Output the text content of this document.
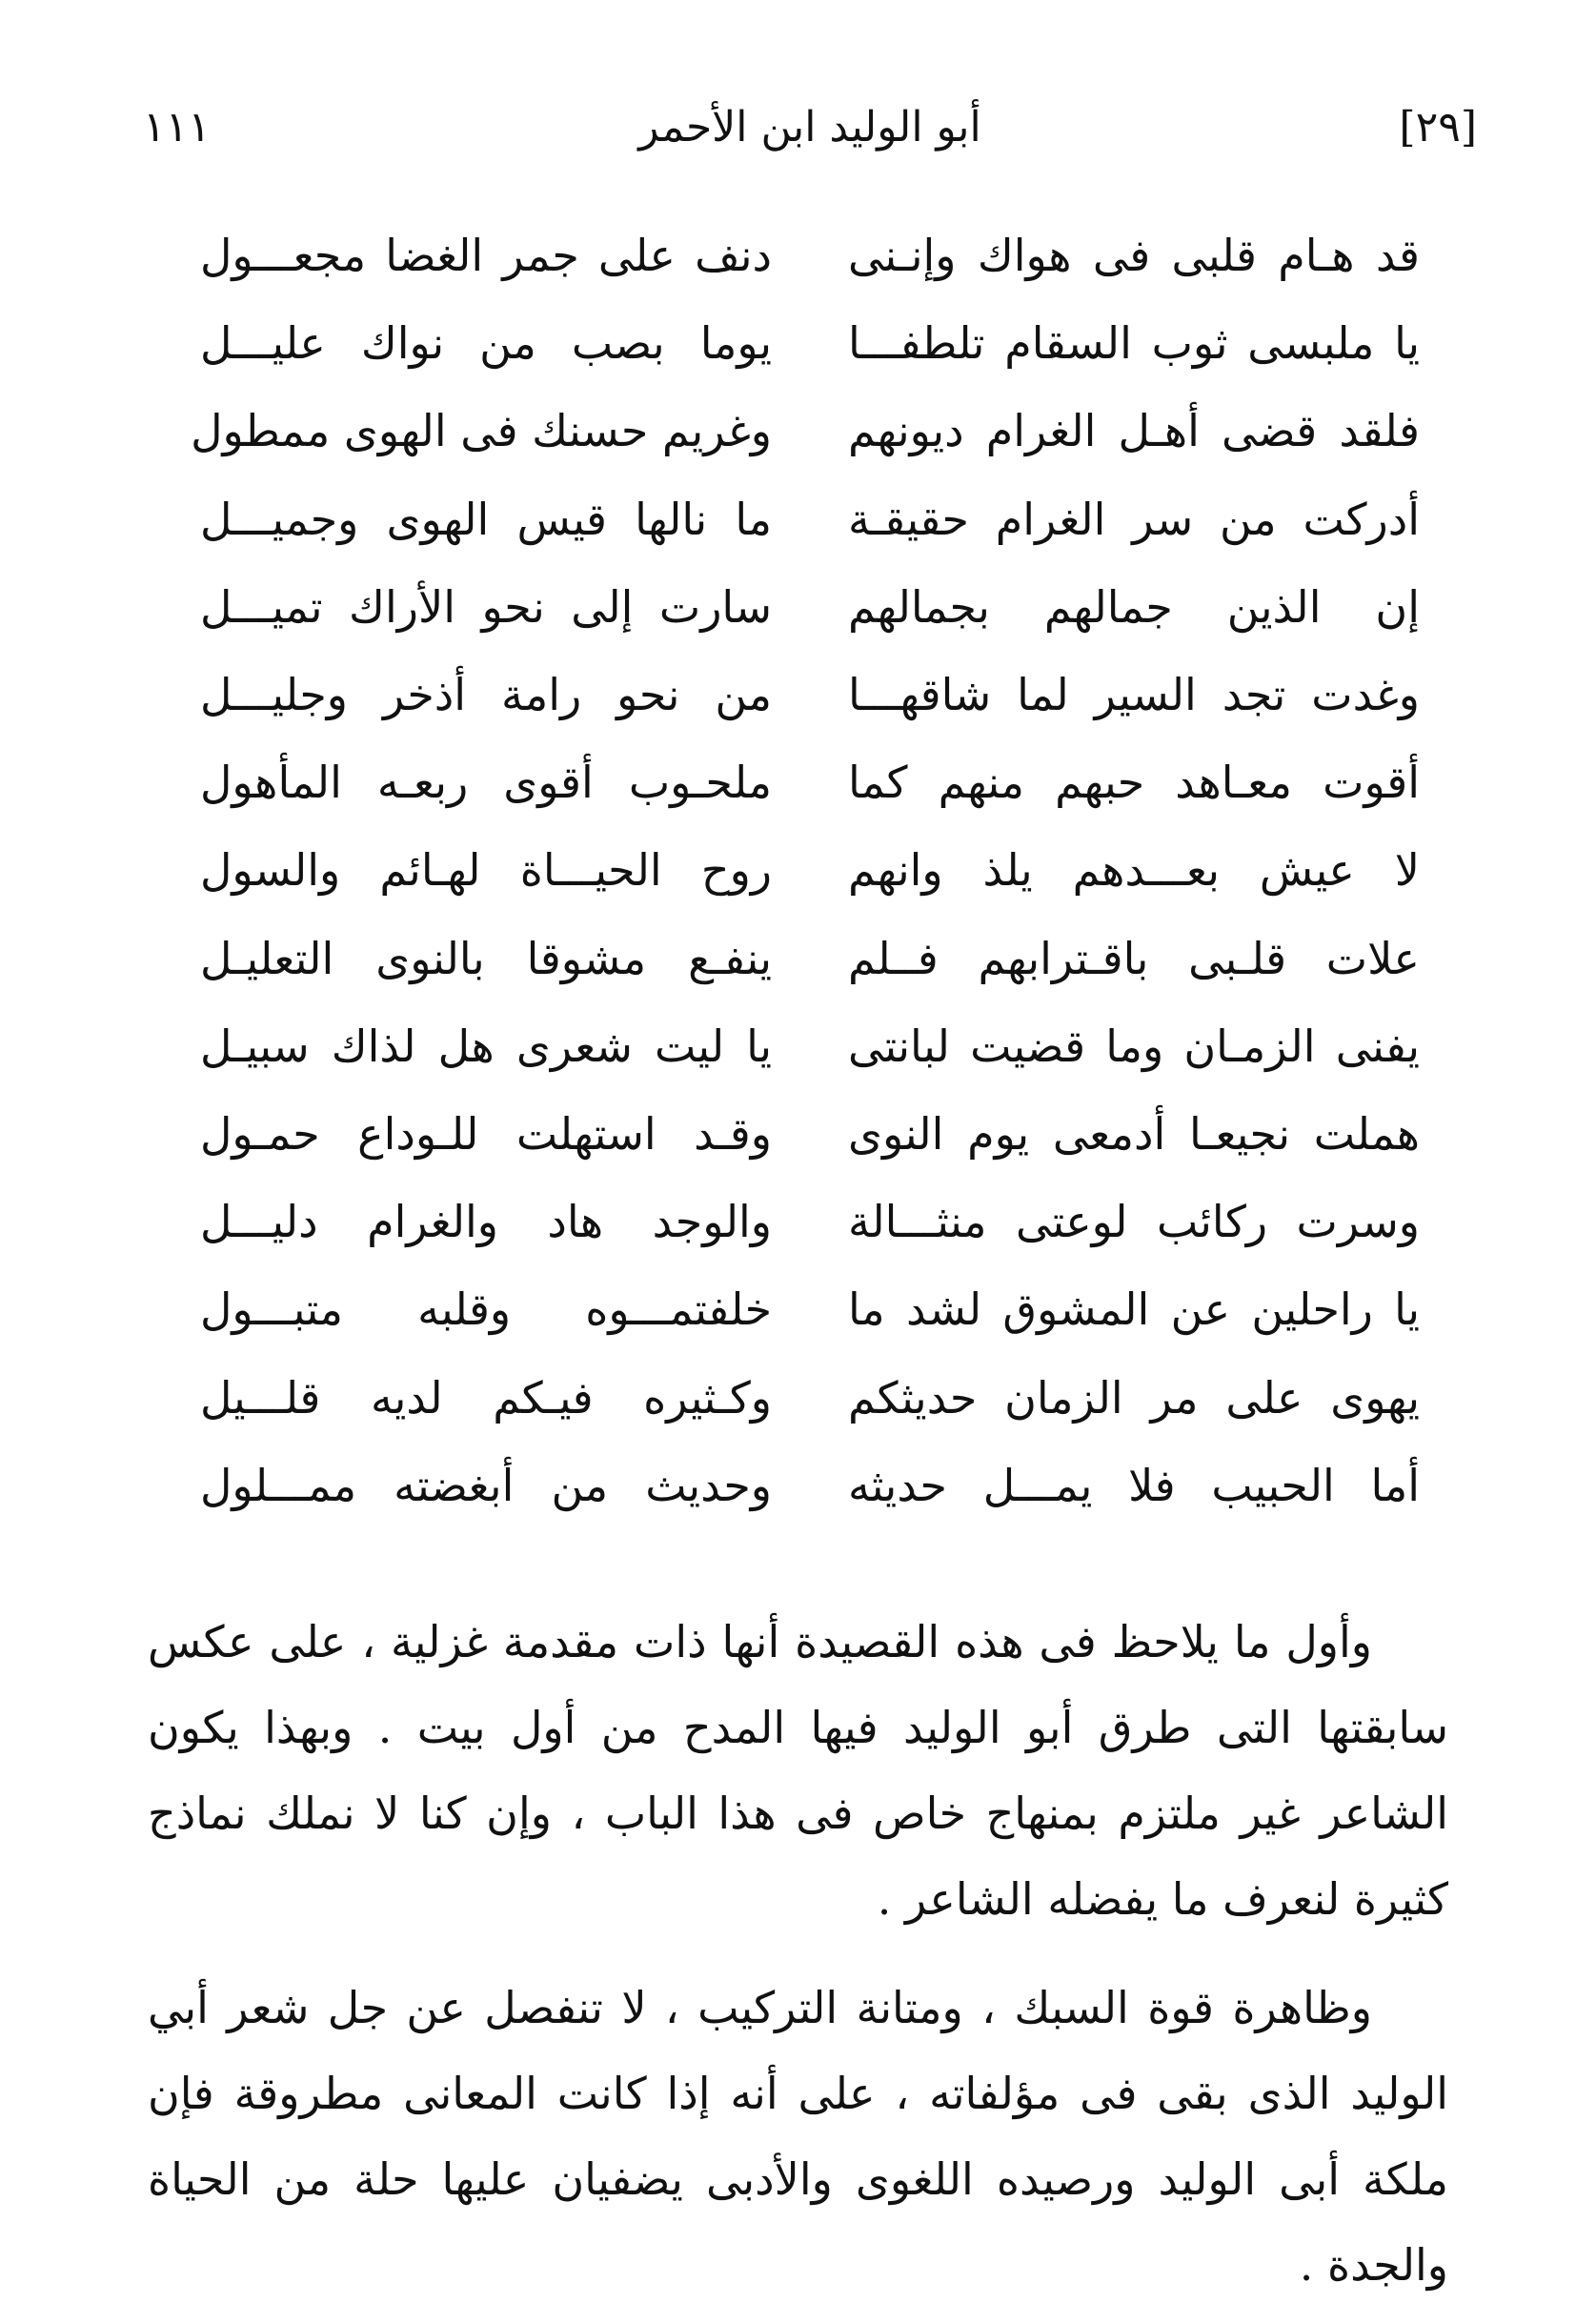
[٢٩]
أبو الوليد ابن الأحمر
١١١
قد هـام قلبى فى هواك وإنـنى
دنف على جمر الغضا مجعـــول
يا ملبسى ثوب السقام تلطفـــا
يوما بصب من نواك عليـــل
فلقد قضى أهـل الغرام ديونهم
وغريم حسنك فى الهوى ممطول
أدركت من سر الغرام حقيقـة
ما نالها قيس الهوى وجميـــل
إن الذين جمالهم بجمالهم
سارت إلى نحو الأراك تميـــل
وغدت تجد السير لما شاقهـــا
من نحو رامة أذخر وجليـــل
أقوت معـاهد حبهم منهم كما
ملحـوب أقوى ربعـه المأهول
لا عيش بعـــدهم يلذ وانهم
روح الحيـــاة لهـائم والسول
علات قلـبى باقـترابهم فــلم
ينفـع مشوقا بالنوى التعليـل
يفنى الزمـان وما قضيت لبانتى
يا ليت شعرى هل لذاك سبيـل
هملت نجيعـا أدمعى يوم النوى
وقـد استهلت للـوداع حمـول
وسرت ركائب لوعتى منثـــالة
والوجد هاد والغرام دليـــل
يا راحلين عن المشوق لشد ما
خلفتمـــوه وقلبه متبـــول
يهوى على مر الزمان حديثكم
وكـثيره فيـكم لديه قلـــيل
أما الحبيب فلا يمـــل حديثه
وحديث من أبغضته ممـــلول

وأول ما يلاحظ فى هذه القصيدة أنها ذات مقدمة غزلية ، على عكس سابقتها التى طرق أبو الوليد فيها المدح من أول بيت . وبهذا يكون الشاعر غير ملتزم بمنهاج خاص فى هذا الباب ، وإن كنا لا نملك نماذج كثيرة لنعرف ما يفضله الشاعر .

وظاهرة قوة السبك ، ومتانة التركيب ، لا تنفصل عن جل شعر أبي الوليد الذى بقى فى مؤلفاته ، على أنه إذا كانت المعانى مطروقة فإن ملكة أبى الوليد ورصيده اللغوى والأدبى يضفيان عليها حلة من الحياة والجدة .
